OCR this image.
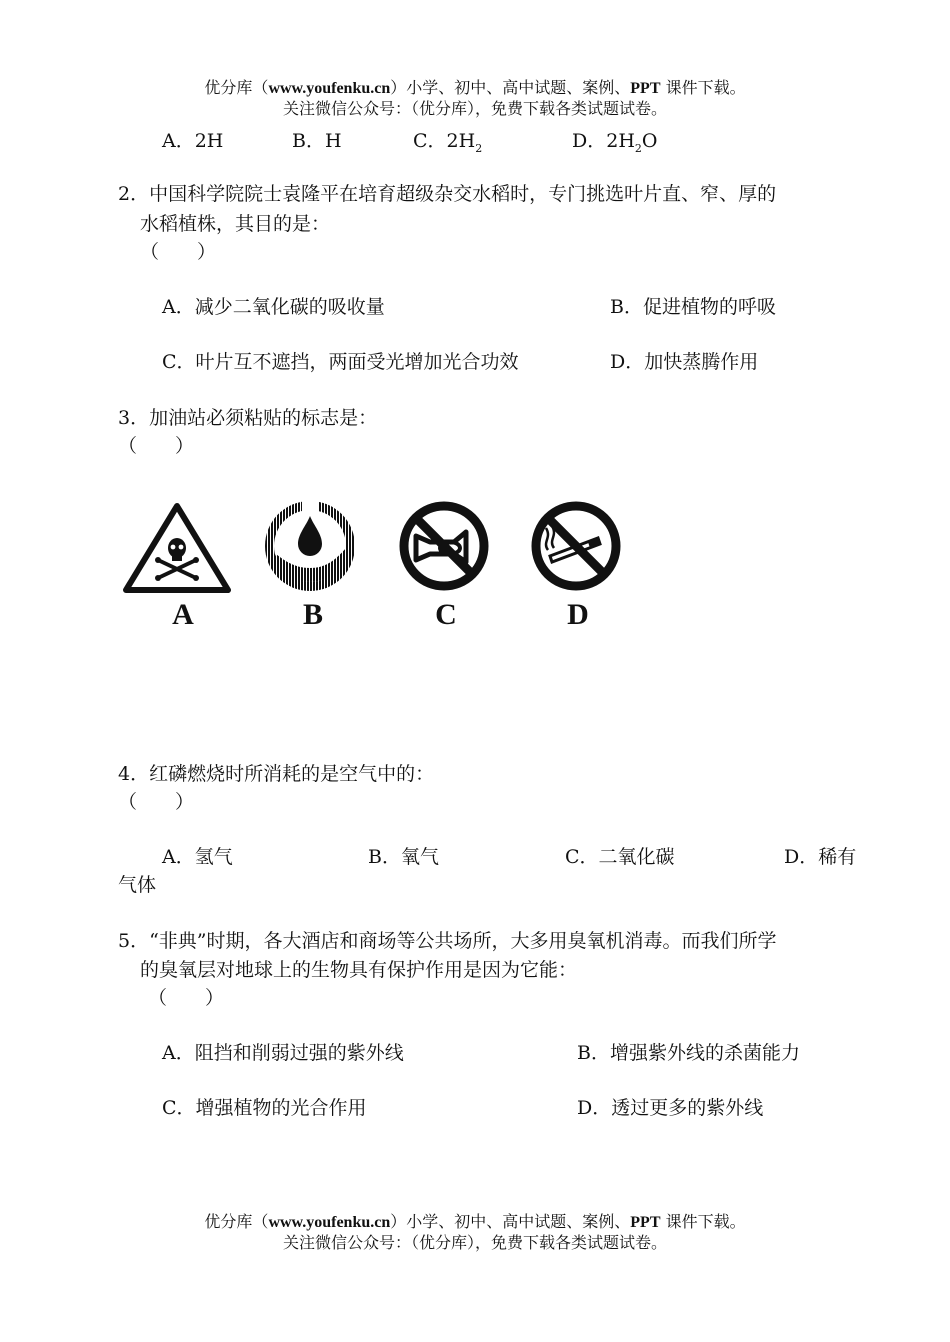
优分库（www.youfenku.cn）小学、初中、高中试题、案例、PPT 课件下载。
关注微信公众号：（优分库），免费下载各类试题试卷。
A．2H	B．H	C．$2H_2$	D．$2H_2O$
2．中国科学院院士袁隆平在培育超级杂交水稻时，专门挑选叶片直、窄、厚的
水稻植株，其目的是：
（　　）
A．减少二氧化碳的吸收量	B．促进植物的呼吸
C．叶片互不遮挡，两面受光增加光合功效	D．加快蒸腾作用
3．加油站必须粘贴的标志是：
（　　）
A	B	C	D
4．红磷燃烧时所消耗的是空气中的：
（　　）
A．氢气	B．氧气	C．二氧化碳	D．稀有
气体
5．“非典”时期，各大酒店和商场等公共场所，大多用臭氧机消毒。而我们所学
的臭氧层对地球上的生物具有保护作用是因为它能：
（　　）
A．阻挡和削弱过强的紫外线	B．增强紫外线的杀菌能力
C．增强植物的光合作用	D．透过更多的紫外线
优分库（www.youfenku.cn）小学、初中、高中试题、案例、PPT 课件下载。
关注微信公众号：（优分库），免费下载各类试题试卷。
